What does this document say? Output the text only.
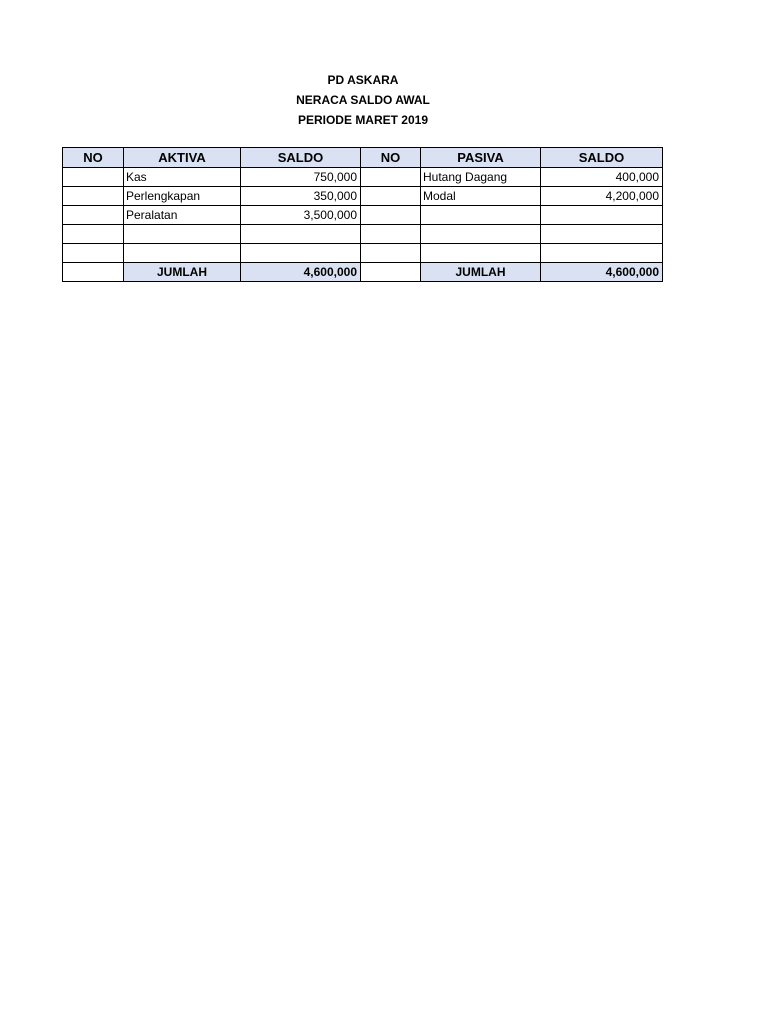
PD ASKARA
NERACA SALDO AWAL
PERIODE MARET 2019
NO	AKTIVA	SALDO	NO	PASIVA	SALDO
	Kas	750,000		Hutang Dagang	400,000
	Perlengkapan	350,000		Modal	4,200,000
	Peralatan	3,500,000			

	JUMLAH	4,600,000		JUMLAH	4,600,000
